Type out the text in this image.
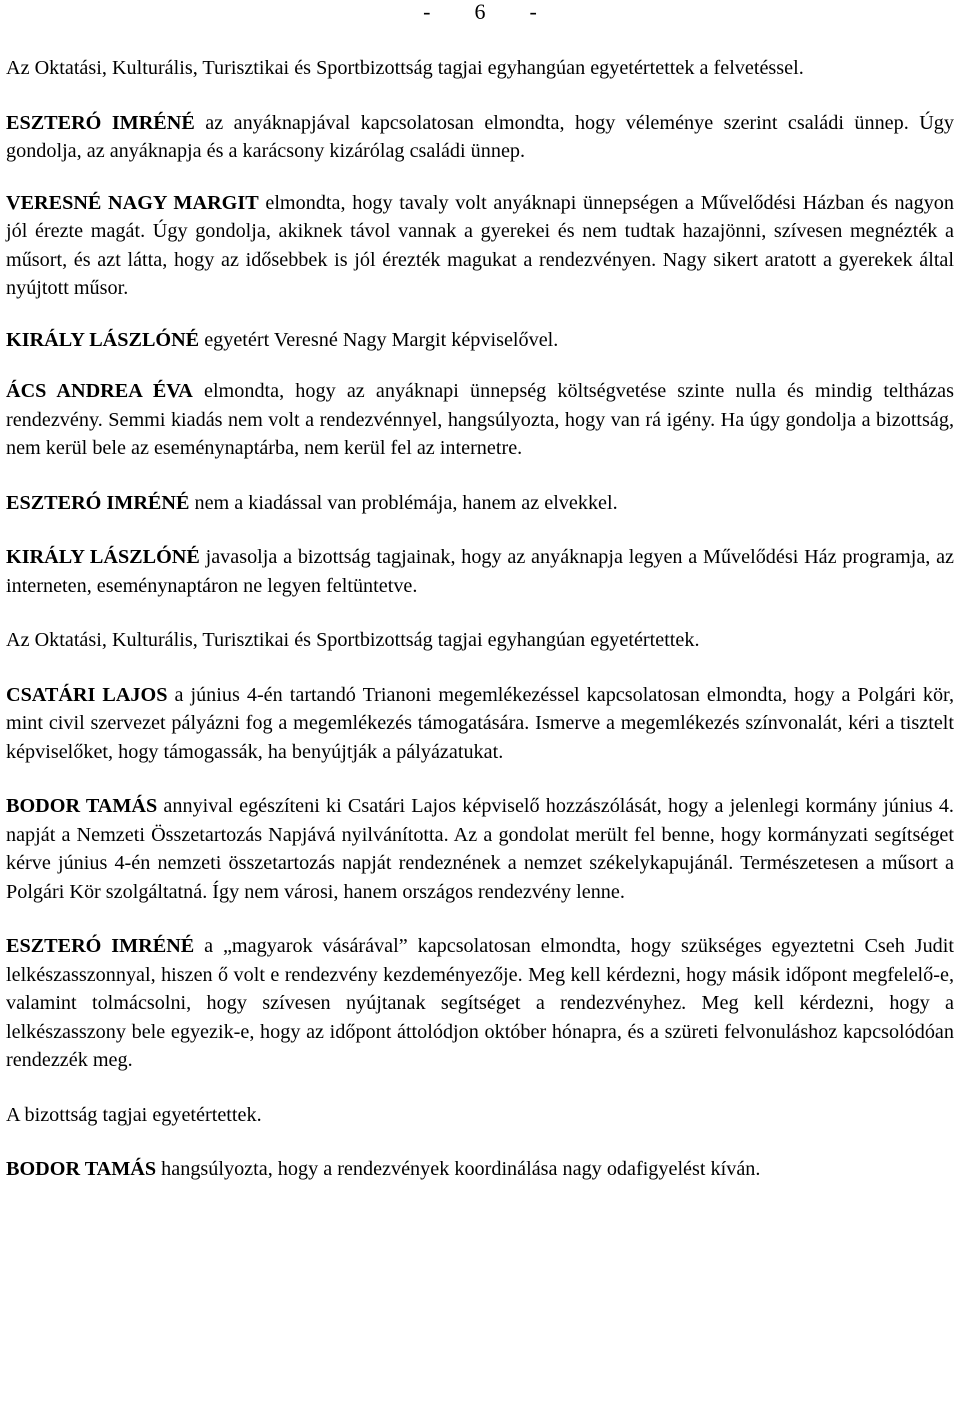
-        6        -

Az Oktatási, Kulturális, Turisztikai és Sportbizottság tagjai egyhangúan egyetértettek a felvetéssel.

ESZTERÓ IMRÉNÉ az anyáknapjával kapcsolatosan elmondta, hogy véleménye szerint családi ünnep. Úgy gondolja, az anyáknapja és a karácsony kizárólag családi ünnep.

VERESNÉ NAGY MARGIT elmondta, hogy tavaly volt anyáknapi ünnepségen a Művelődési Házban és nagyon jól érezte magát. Úgy gondolja, akiknek távol vannak a gyerekei és nem tudtak hazajönni, szívesen megnézték a műsort, és azt látta, hogy az idősebbek is jól érezték magukat a rendezvényen. Nagy sikert aratott a gyerekek által nyújtott műsor.

KIRÁLY LÁSZLÓNÉ egyetért Veresné Nagy Margit képviselővel.

ÁCS ANDREA ÉVA elmondta, hogy az anyáknapi ünnepség költségvetése szinte nulla és mindig teltházas rendezvény. Semmi kiadás nem volt a rendezvénnyel, hangsúlyozta, hogy van rá igény. Ha úgy gondolja a bizottság, nem kerül bele az eseménynaptárba, nem kerül fel az internetre.

ESZTERÓ IMRÉNÉ nem a kiadással van problémája, hanem az elvekkel.

KIRÁLY LÁSZLÓNÉ javasolja a bizottság tagjainak, hogy az anyáknapja legyen a Művelődési Ház programja, az interneten, eseménynaptáron ne legyen feltüntetve.

Az Oktatási, Kulturális, Turisztikai és Sportbizottság tagjai egyhangúan egyetértettek.

CSATÁRI LAJOS a június 4-én tartandó Trianoni megemlékezéssel kapcsolatosan elmondta, hogy a Polgári kör, mint civil szervezet pályázni fog a megemlékezés támogatására. Ismerve a megemlékezés színvonalát, kéri a tisztelt képviselőket, hogy támogassák, ha benyújtják a pályázatukat.

BODOR TAMÁS annyival egészíteni ki Csatári Lajos képviselő hozzászólását, hogy a jelenlegi kormány június 4. napját a Nemzeti Összetartozás Napjává nyilvánította. Az a gondolat merült fel benne, hogy kormányzati segítséget kérve június 4-én nemzeti összetartozás napját rendeznének a nemzet székelykapujánál. Természetesen a műsort a Polgári Kör szolgáltatná. Így nem városi, hanem országos rendezvény lenne.

ESZTERÓ IMRÉNÉ a „magyarok vásárával” kapcsolatosan elmondta, hogy szükséges egyeztetni Cseh Judit lelkészasszonnyal, hiszen ő volt e rendezvény kezdeményezője. Meg kell kérdezni, hogy másik időpont megfelelő-e, valamint tolmácsolni, hogy szívesen nyújtanak segítséget a rendezvényhez. Meg kell kérdezni, hogy a lelkészasszony bele egyezik-e, hogy az időpont áttolódjon október hónapra, és a szüreti felvonuláshoz kapcsolódóan rendezzék meg.

A bizottság tagjai egyetértettek.

BODOR TAMÁS hangsúlyozta, hogy a rendezvények koordinálása nagy odafigyelést kíván.
